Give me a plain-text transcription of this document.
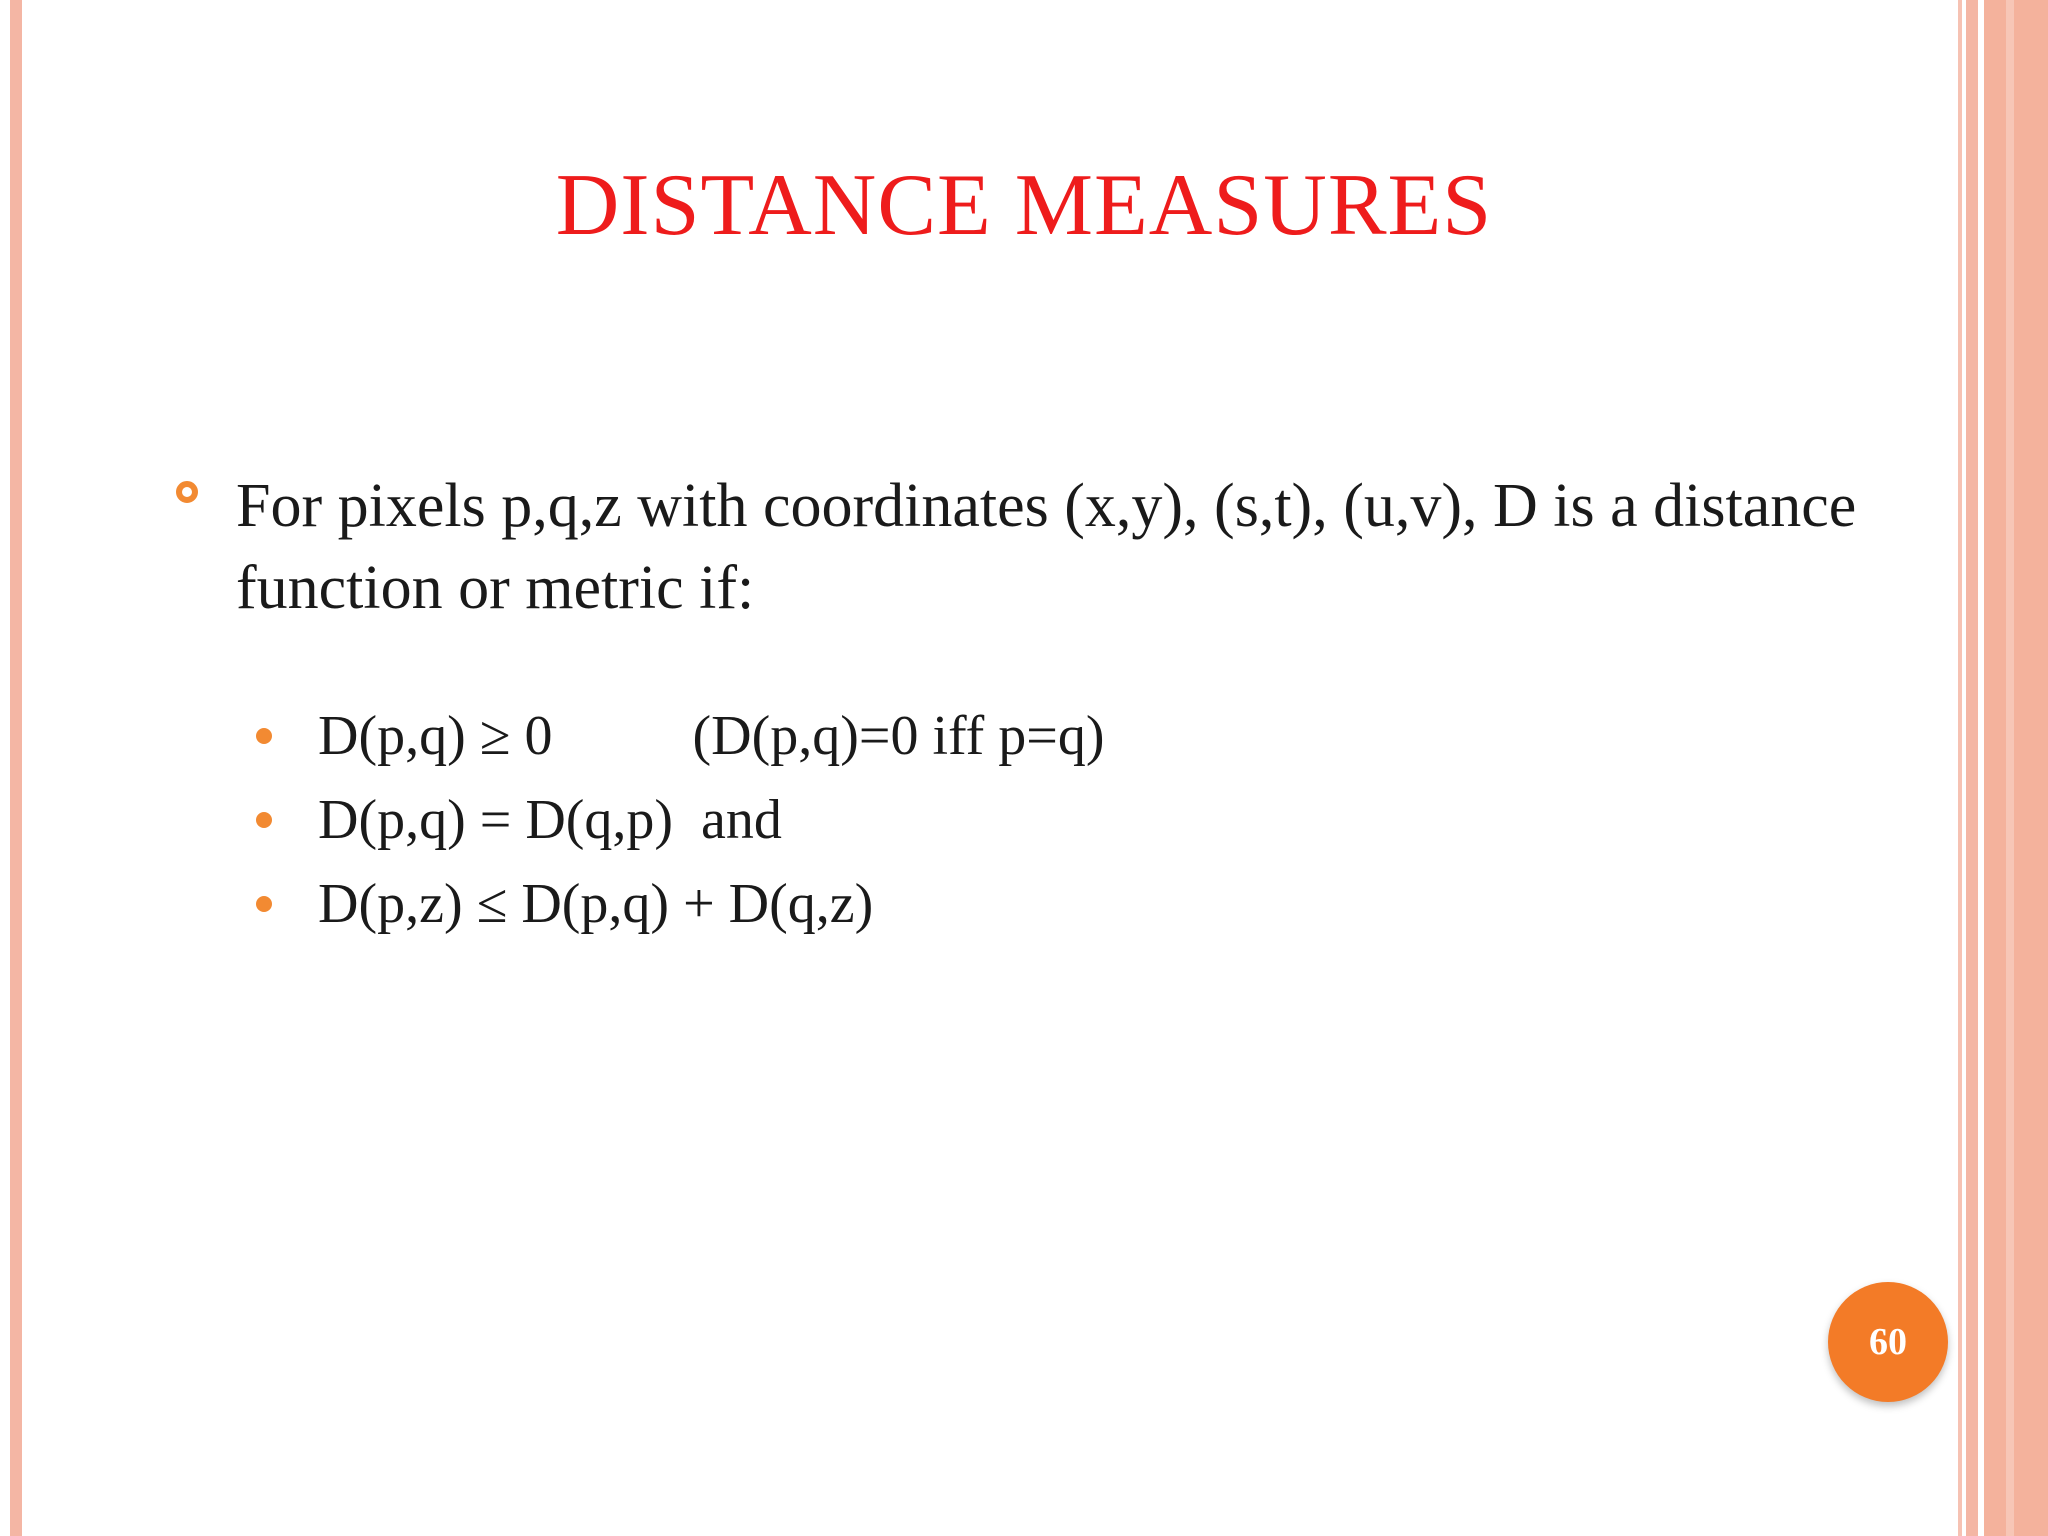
DISTANCE MEASURES

For pixels p,q,z with coordinates (x,y), (s,t), (u,v), D is a distance function or metric if:

D(p,q) ≥ 0          (D(p,q)=0 iff p=q)

D(p,q) = D(q,p)  and

D(p,z) ≤ D(p,q) + D(q,z)

60
